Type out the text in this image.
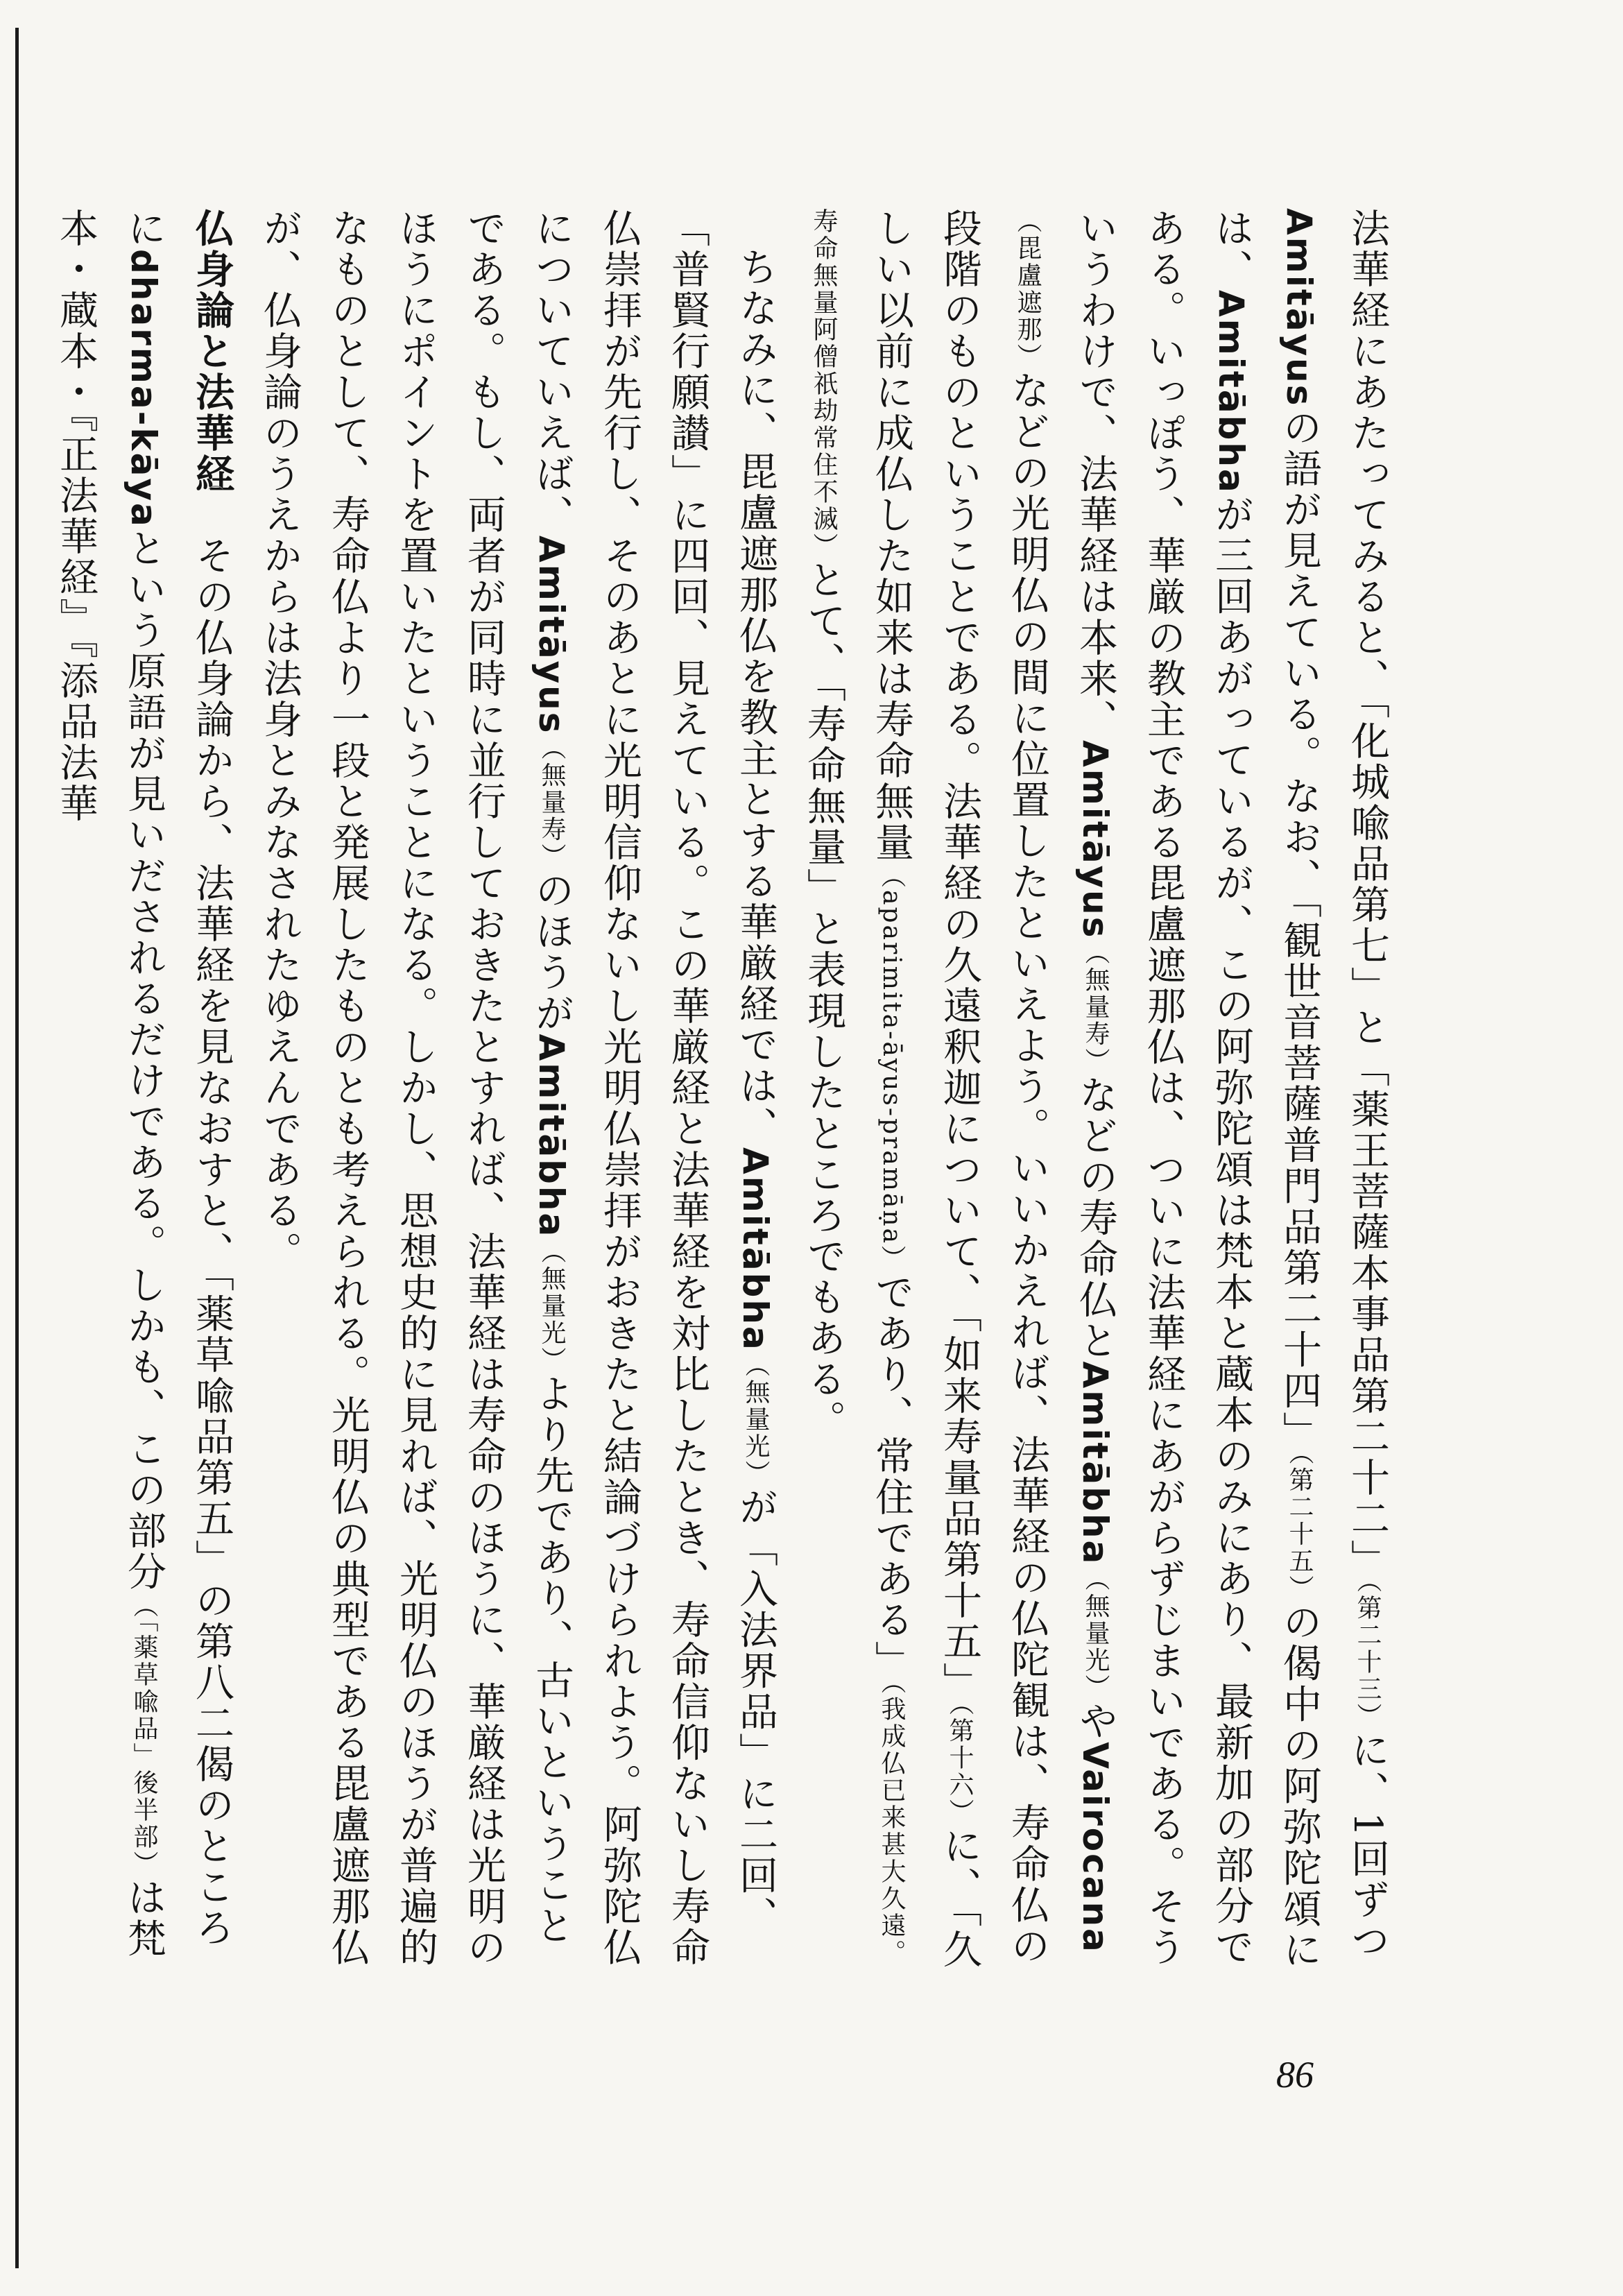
法華経にあたってみると、「化城喩品第七」と「薬王菩薩本事品第二十二」（第二十三）に、1回ずつAmitāyusの語が見えている。なお、「観世音菩薩普門品第二十四」（第二十五）の偈中の阿弥陀頌には、Amitābhaが三回あがっているが、この阿弥陀頌は梵本と蔵本のみにあり、最新加の部分である。いっぽう、華厳の教主である毘盧遮那仏は、ついに法華経にあがらずじまいである。そういうわけで、法華経は本来、Amitāyus（無量寿）などの寿命仏とAmitābha（無量光）やVairocana（毘盧遮那）などの光明仏の間に位置したといえよう。いいかえれば、法華経の仏陀観は、寿命仏の段階のものということである。法華経の久遠釈迦について、「如来寿量品第十五」（第十六）に、「久しい以前に成仏した如来は寿命無量（aparimita-āyus-pramāṇa）であり、常住である」（我成仏已来甚大久遠。寿命無量阿僧祇劫常住不滅）とて、「寿命無量」と表現したところでもある。

ちなみに、毘盧遮那仏を教主とする華厳経では、Amitābha（無量光）が「入法界品」に二回、「普賢行願讃」に四回、見えている。この華厳経と法華経を対比したとき、寿命信仰ないし寿命仏崇拝が先行し、そのあとに光明信仰ないし光明仏崇拝がおきたと結論づけられよう。阿弥陀仏についていえば、Amitāyus（無量寿）のほうがAmitābha（無量光）より先であり、古いということである。もし、両者が同時に並行しておきたとすれば、法華経は寿命のほうに、華厳経は光明のほうにポイントを置いたということになる。しかし、思想史的に見れば、光明仏のほうが普遍的なものとして、寿命仏より一段と発展したものとも考えられる。光明仏の典型である毘盧遮那仏が、仏身論のうえからは法身とみなされたゆえんである。

仏身論と法華経　その仏身論から、法華経を見なおすと、「薬草喩品第五」の第八二偈のところにdharma-kāyaという原語が見いだされるだけである。しかも、この部分（「薬草喩品」後半部）は梵本・蔵本・『正法華経』『添品法華

86
